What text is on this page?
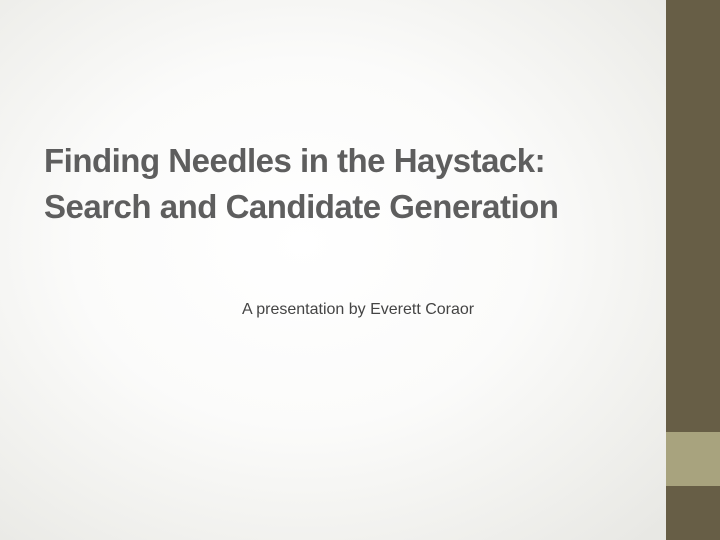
Finding Needles in the Haystack:
Search and Candidate Generation
A presentation by Everett Coraor
